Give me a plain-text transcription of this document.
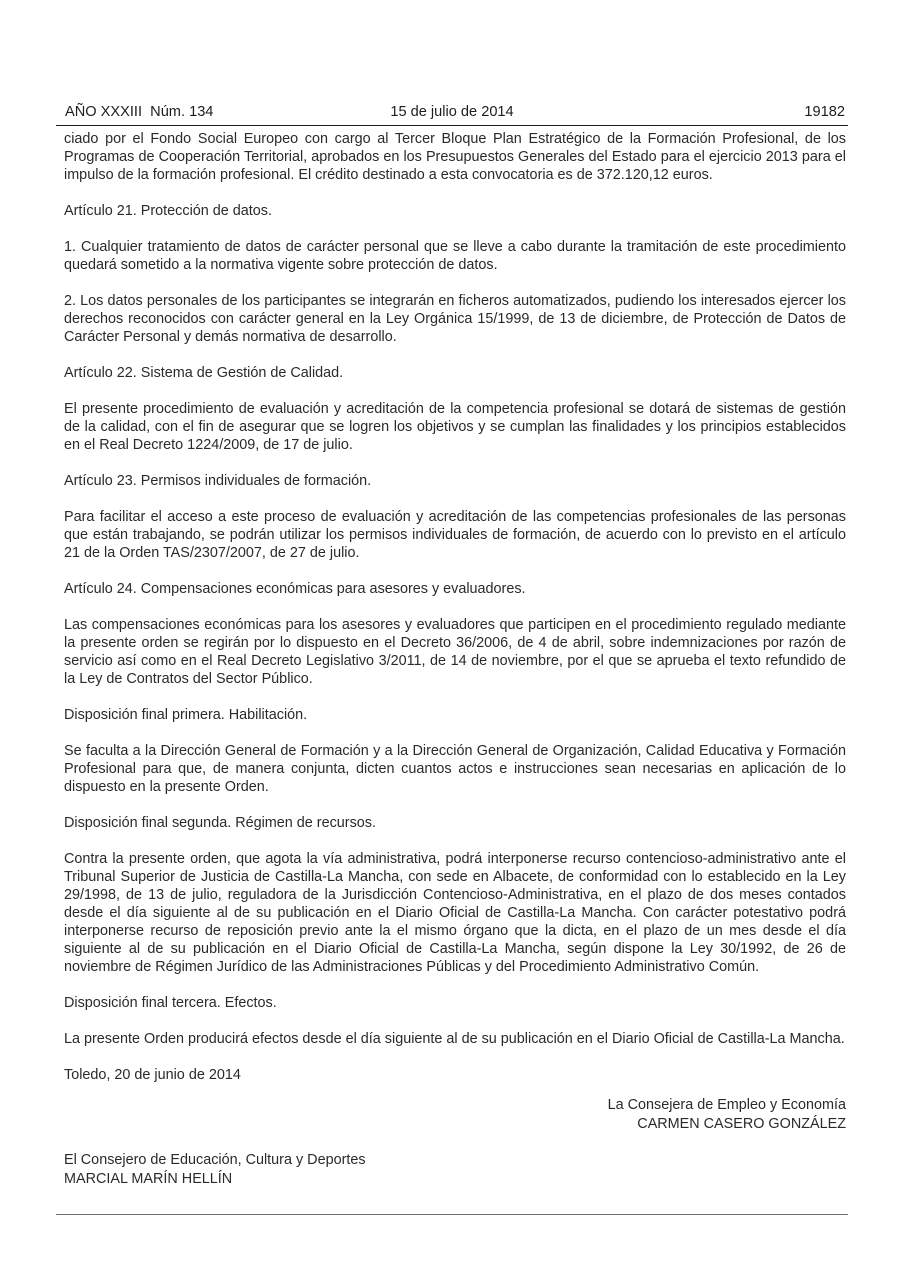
AÑO XXXIII  Núm. 134	15 de julio de 2014	19182

ciado por el Fondo Social Europeo con cargo al Tercer Bloque Plan Estratégico de la Formación Profesional, de los Programas de Cooperación Territorial, aprobados en los Presupuestos Generales del Estado para el ejercicio 2013 para el impulso de la formación profesional. El crédito destinado a esta convocatoria es de 372.120,12 euros.

Artículo 21. Protección de datos.

1. Cualquier tratamiento de datos de carácter personal que se lleve a cabo durante la tramitación de este procedimiento quedará sometido a la normativa vigente sobre protección de datos.

2. Los datos personales de los participantes se integrarán en ficheros automatizados, pudiendo los interesados ejercer los derechos reconocidos con carácter general en la Ley Orgánica 15/1999, de 13 de diciembre, de Protección de Datos de Carácter Personal y demás normativa de desarrollo.

Artículo 22. Sistema de Gestión de Calidad.

El presente procedimiento de evaluación y acreditación de la competencia profesional se dotará de sistemas de gestión de la calidad, con el fin de asegurar que se logren los objetivos y se cumplan las finalidades y los principios establecidos en el Real Decreto 1224/2009, de 17 de julio.

Artículo 23. Permisos individuales de formación.

Para facilitar el acceso a este proceso de evaluación y acreditación de las competencias profesionales de las personas que están trabajando, se podrán utilizar los permisos individuales de formación, de acuerdo con lo previsto en el artículo 21 de la Orden TAS/2307/2007, de 27 de julio.

Artículo 24. Compensaciones económicas para asesores y evaluadores.

Las compensaciones económicas para los asesores y evaluadores que participen en el procedimiento regulado mediante la presente orden se regirán por lo dispuesto en el Decreto 36/2006, de 4 de abril, sobre indemnizaciones por razón de servicio así como en el Real Decreto Legislativo 3/2011, de 14 de noviembre, por el que se aprueba el texto refundido de la Ley de Contratos del Sector Público.

Disposición final primera. Habilitación.

Se faculta a la Dirección General de Formación y a la Dirección General de Organización, Calidad Educativa y Formación Profesional para que, de manera conjunta, dicten cuantos actos e instrucciones sean necesarias en aplicación de lo dispuesto en la presente Orden.

Disposición final segunda. Régimen de recursos.

Contra la presente orden, que agota la vía administrativa, podrá interponerse recurso contencioso-administrativo ante el Tribunal Superior de Justicia de Castilla-La Mancha, con sede en Albacete, de conformidad con lo establecido en la Ley 29/1998, de 13 de julio, reguladora de la Jurisdicción Contencioso-Administrativa, en el plazo de dos meses contados desde el día siguiente al de su publicación en el Diario Oficial de Castilla-La Mancha. Con carácter potestativo podrá interponerse recurso de reposición previo ante la el mismo órgano que la dicta, en el plazo de un mes desde el día siguiente al de su publicación en el Diario Oficial de Castilla-La Mancha, según dispone la Ley 30/1992, de 26 de noviembre de Régimen Jurídico de las Administraciones Públicas y del Procedimiento Administrativo Común.

Disposición final tercera. Efectos.

La presente Orden producirá efectos desde el día siguiente al de su publicación en el Diario Oficial de Castilla-La Mancha.

Toledo, 20 de junio de 2014

La Consejera de Empleo y Economía

CARMEN CASERO GONZÁLEZ

El Consejero de Educación, Cultura y Deportes

MARCIAL MARÍN HELLÍN
